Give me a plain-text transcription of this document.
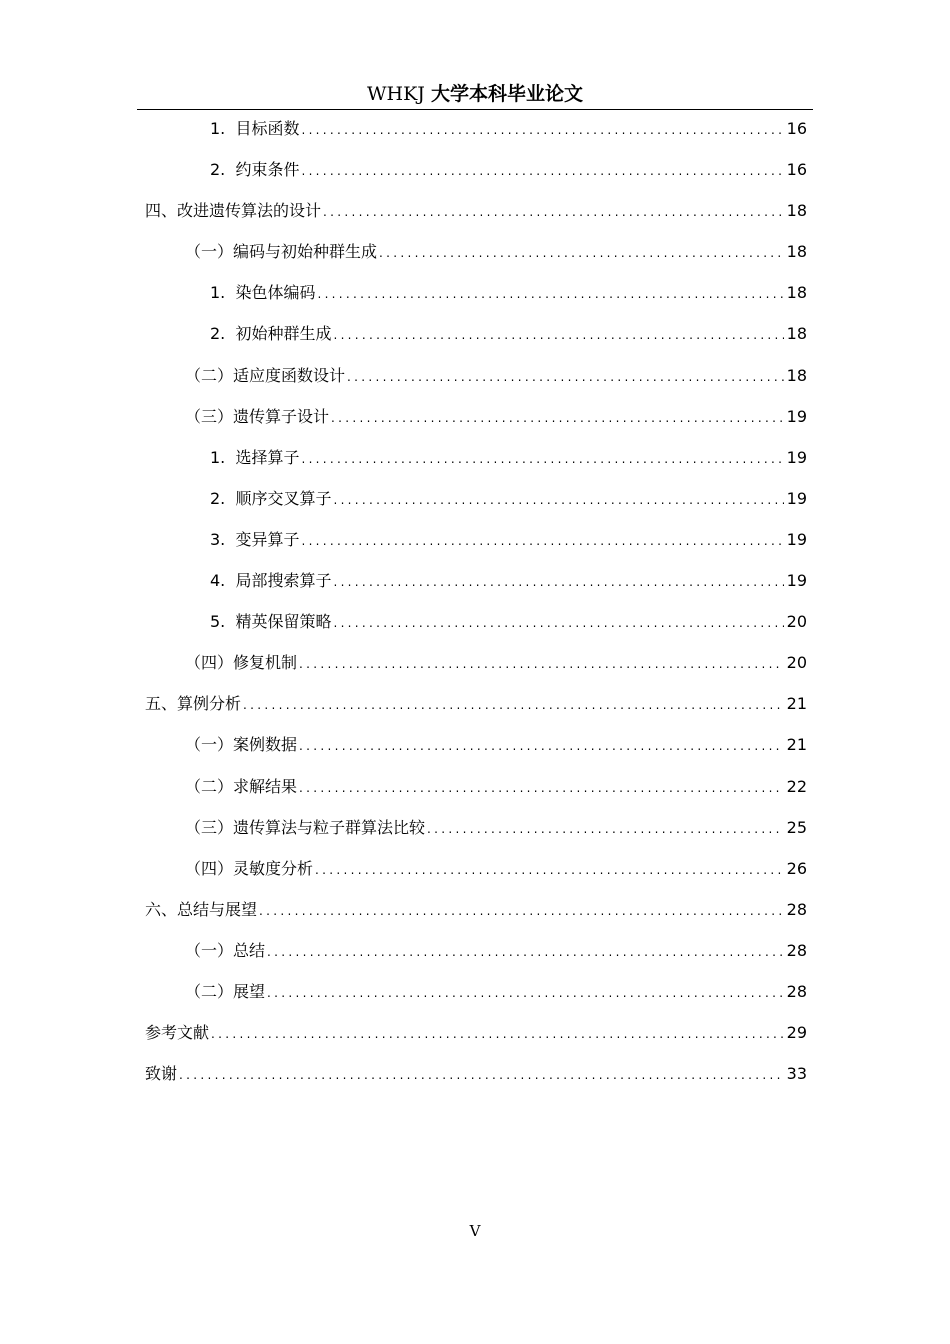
WHKJ 大学本科毕业论文
1.
目标函数 .....	16
2.
约束条件 .....	16
四、改进遗传算法的设计 .....	18
（一）编码与初始种群生成 .....	18
1.
染色体编码 .....	18
2.
初始种群生成 .....	18
（二）适应度函数设计 .....	18
（三）遗传算子设计 .....	19
1.
选择算子 .....	19
2.
顺序交叉算子 .....	19
3.
变异算子 .....	19
4.
局部搜索算子 .....	19
5.
精英保留策略 .....	20
（四）修复机制 .....	20
五、算例分析 .....	21
（一）案例数据 .....	21
（二）求解结果 .....	22
（三）遗传算法与粒子群算法比较 .....	25
（四）灵敏度分析 .....	26
六、总结与展望 .....	28
（一）总结 .....	28
（二）展望 .....	28
参考文献 .....	29
致谢 .....	33
V
